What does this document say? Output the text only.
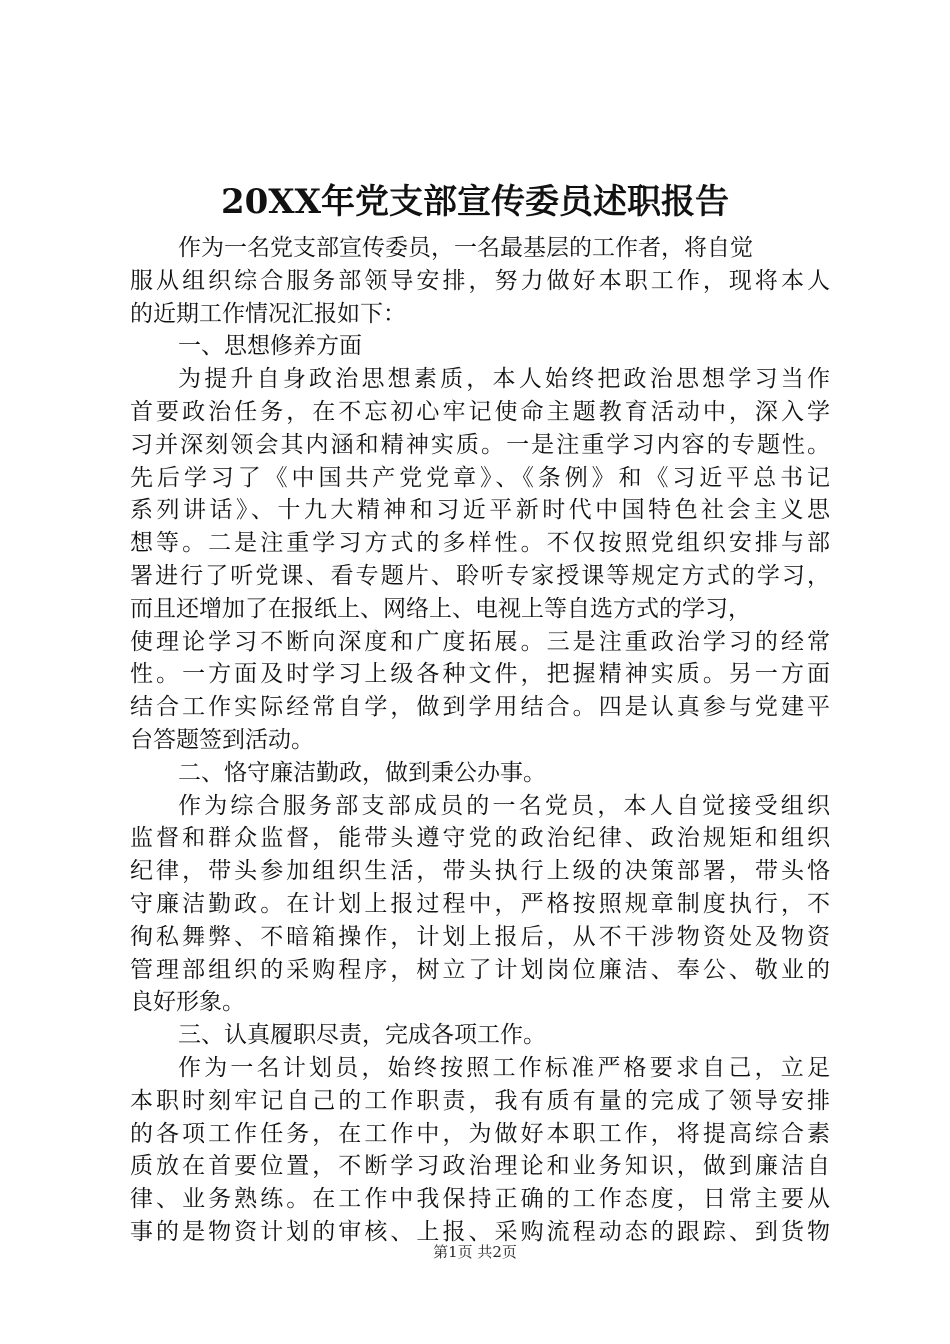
20XX年党支部宣传委员述职报告
作为一名党支部宣传委员，一名最基层的工作者，将自觉
服从组织综合服务部领导安排，努力做好本职工作，现将本人
的近期工作情况汇报如下：
一、思想修养方面
为提升自身政治思想素质，本人始终把政治思想学习当作
首要政治任务，在不忘初心牢记使命主题教育活动中，深入学
习并深刻领会其内涵和精神实质。一是注重学习内容的专题性。
先后学习了《中国共产党党章》、《条例》和《习近平总书记
系列讲话》、十九大精神和习近平新时代中国特色社会主义思
想等。二是注重学习方式的多样性。不仅按照党组织安排与部
署进行了听党课、看专题片、聆听专家授课等规定方式的学习，
而且还增加了在报纸上、网络上、电视上等自选方式的学习，
使理论学习不断向深度和广度拓展。三是注重政治学习的经常
性。一方面及时学习上级各种文件，把握精神实质。另一方面
结合工作实际经常自学，做到学用结合。四是认真参与党建平
台答题签到活动。
二、恪守廉洁勤政，做到秉公办事。
作为综合服务部支部成员的一名党员，本人自觉接受组织
监督和群众监督，能带头遵守党的政治纪律、政治规矩和组织
纪律，带头参加组织生活，带头执行上级的决策部署，带头恪
守廉洁勤政。在计划上报过程中，严格按照规章制度执行，不
徇私舞弊、不暗箱操作，计划上报后，从不干涉物资处及物资
管理部组织的采购程序，树立了计划岗位廉洁、奉公、敬业的
良好形象。
三、认真履职尽责，完成各项工作。
作为一名计划员，始终按照工作标准严格要求自己，立足
本职时刻牢记自己的工作职责，我有质有量的完成了领导安排
的各项工作任务，在工作中，为做好本职工作，将提高综合素
质放在首要位置，不断学习政治理论和业务知识，做到廉洁自
律、业务熟练。在工作中我保持正确的工作态度，日常主要从
事的是物资计划的审核、上报、采购流程动态的跟踪、到货物
第1页 共2页
